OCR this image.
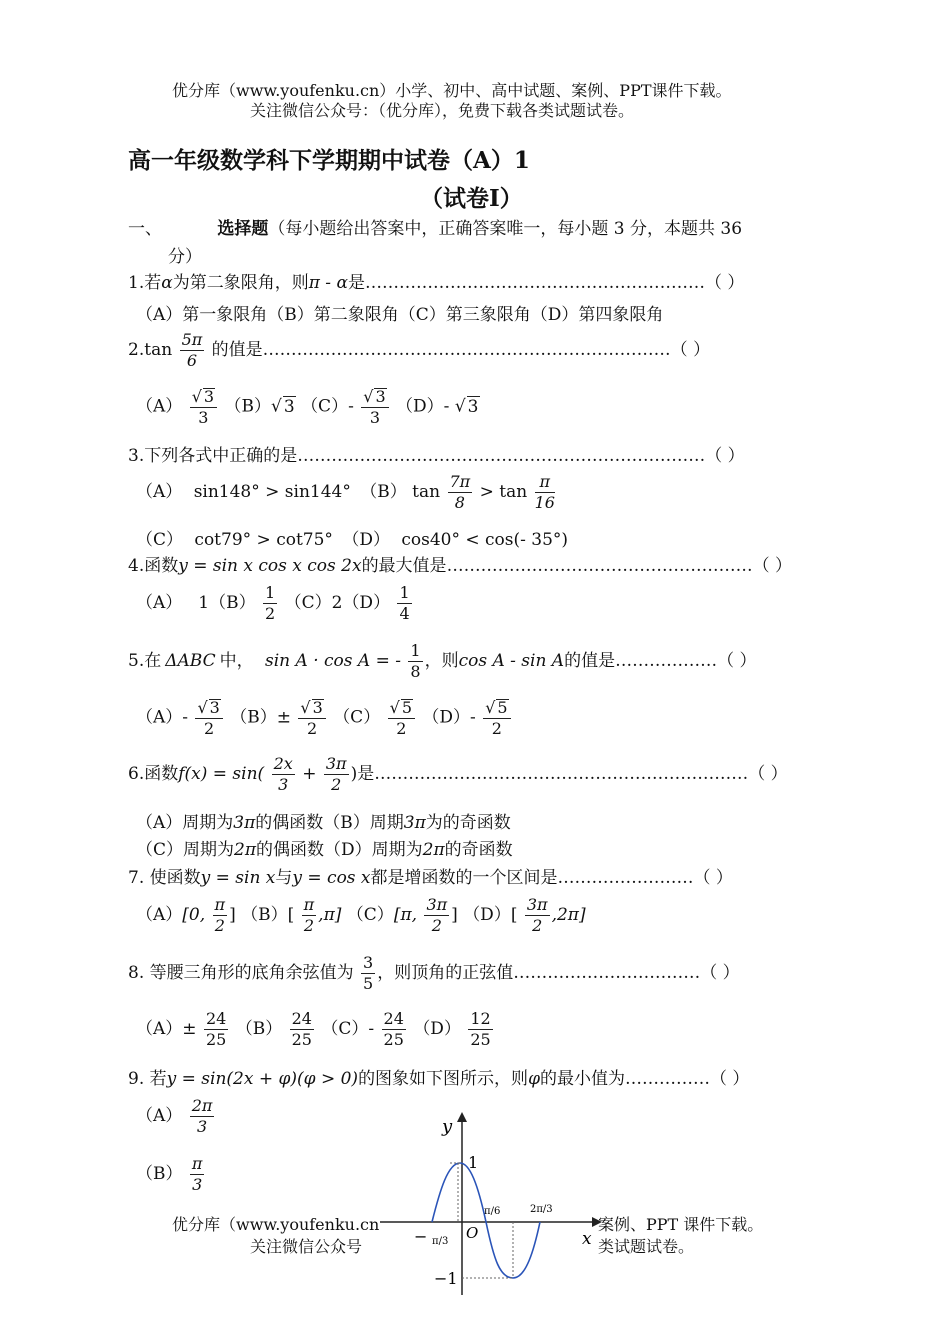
优分库（www.youfenku.cn）小学、初中、高中试题、案例、PPT课件下载。
关注微信公众号：（优分库），免费下载各类试题试卷。
高一年级数学科下学期期中试卷（A）1
（试卷Ⅰ）
一、	选择题（每小题给出答案中，正确答案唯一，每小题 3 分，本题共 36
分）
1.若α为第二象限角，则π - α是……………………………………………………（ ）
（A）第一象限角（B）第二象限角（C）第三象限角（D）第四象限角
$2.\tan \frac{5\pi}{6}$ 的值是………………………………………………………………（ ）
$(A) \frac{√ 3}{3} (B)√$ 3 $(C)- \frac{√ 3}{3} (D)-$ √ 3
3.下列各式中正确的是………………………………………………………………（ ）
（A） sin148° > sin144° （B） $\tan \frac{7\pi}{8} > \tan \frac{\pi}{16}$
（C） cot79° > cot75° （D） cos40° < cos(- 35°)
4.函数y = sin x cos x cos 2x的最大值是………………………………………………（ ）
（A） $1(B) \frac{1}{2} (C)2(D) \frac{1}{4}$
5.在 ΔABC 中， sin A · cos A = - $\frac{1}{8}$ ，则cos A - sin A的值是………………（ ）
$(A)- \frac{√ 3}{2} (B)\pm \frac{√ 3}{2} (C) \frac{√ 5}{2} (D)- \frac{√ 5}{2}$
6.函数$f(x) = \sin( \frac{2x}{3} + \frac{3\pi}{2}$ )是…………………………………………………………（ ）
（A）周期为3π的偶函数（B）周期3π为的奇函数
（C）周期为2π的偶函数（D）周期为2π的奇函数
7. 使函数y = sin x与y = cos x都是增函数的一个区间是……………………（ ）
（A）[0, $\frac{\pi}{2}$ ] $(B)[ \frac{\pi}{2} ,\pi]$ （C）[π, $\frac{3\pi}{2}$ ] $(D)[ \frac{3\pi}{2} ,2\pi]$
8. 等腰三角形的底角余弦值为 $\frac{3}{5}$ ，则顶角的正弦值……………………………（ ）
$(A)\pm \frac{24}{25} (B) \frac{24}{25} (C)- \frac{24}{25} (D) \frac{12}{25}$
9. 若y = sin(2x + φ)(φ > 0)的图象如下图所示，则φ的最小值为……………（ ）
$(A) \frac{2\pi}{3}$
$(B) \frac{\pi}{3}$
y
x
O
1
−1
− π/3
π/6	2π/3
优分库（www.youfenku.cn	案例、PPT 课件下载。
关注微信公众号	类试题试卷。
